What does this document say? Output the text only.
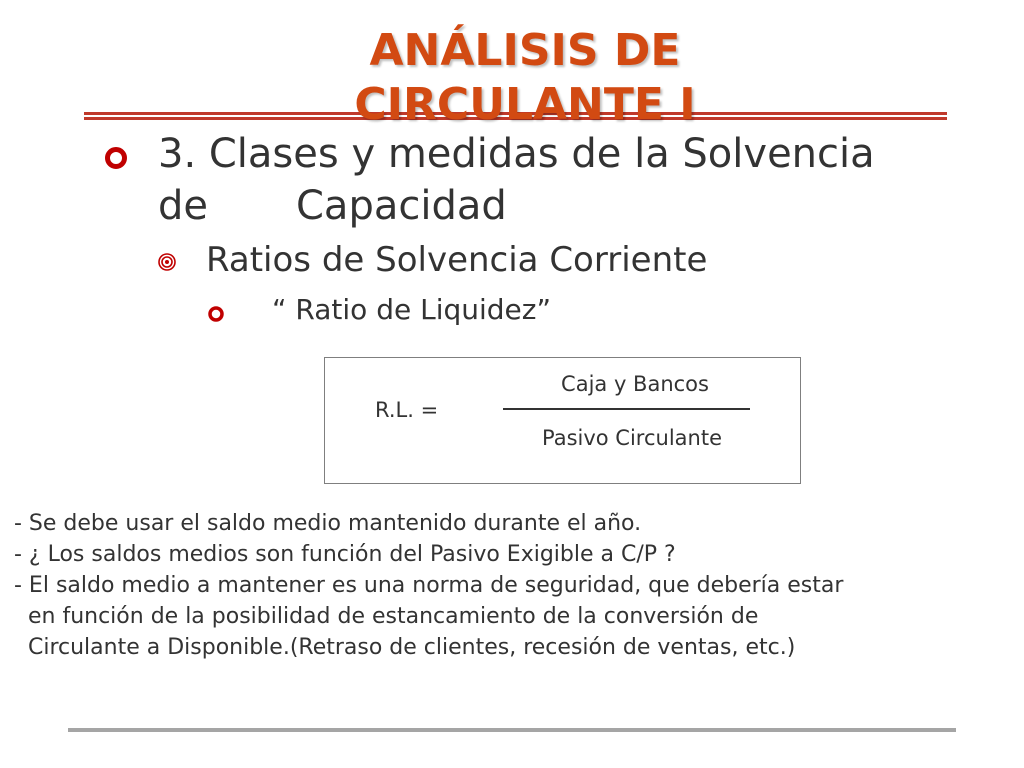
ANÁLISIS DE
CIRCULANTE I
3. Clases y medidas de la Solvencia
de Capacidad
Ratios de Solvencia Corriente
“ Ratio de Liquidez”
R.L. =
Caja y Bancos
Pasivo Circulante
- Se debe usar el saldo medio mantenido durante el año.
- ¿ Los saldos medios son función del Pasivo Exigible a C/P ?
- El saldo medio a mantener es una norma de seguridad, que debería estar
en función de la posibilidad de estancamiento de la conversión de
Circulante a Disponible.(Retraso de clientes, recesión de ventas, etc.)
